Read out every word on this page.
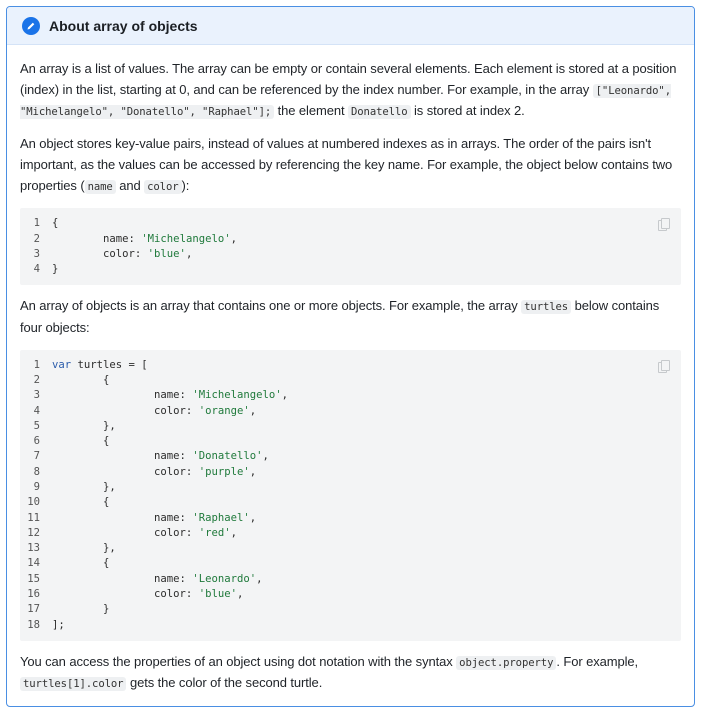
About array of objects

An array is a list of values. The array can be empty or contain several elements. Each element is stored at a position (index) in the list, starting at 0, and can be referenced by the index number. For example, in the array ["Leonardo", "Michelangelo", "Donatello", "Raphael"]; the element Donatello is stored at index 2.

An object stores key-value pairs, instead of values at numbered indexes as in arrays. The order of the pairs isn't important, as the values can be accessed by referencing the key name. For example, the object below contains two properties ( name and color ):

1	{
2	name: 'Michelangelo',
3	color: 'blue',
4	}

An array of objects is an array that contains one or more objects. For example, the array turtles below contains four objects:

1	var turtles = [
2	{
3	name: 'Michelangelo',
4	color: 'orange',
5	},
6	{
7	name: 'Donatello',
8	color: 'purple',
9	},
10	{
11	name: 'Raphael',
12	color: 'red',
13	},
14	{
15	name: 'Leonardo',
16	color: 'blue',
17	}
18	];

You can access the properties of an object using dot notation with the syntax object.property . For example, turtles[1].color gets the color of the second turtle.
